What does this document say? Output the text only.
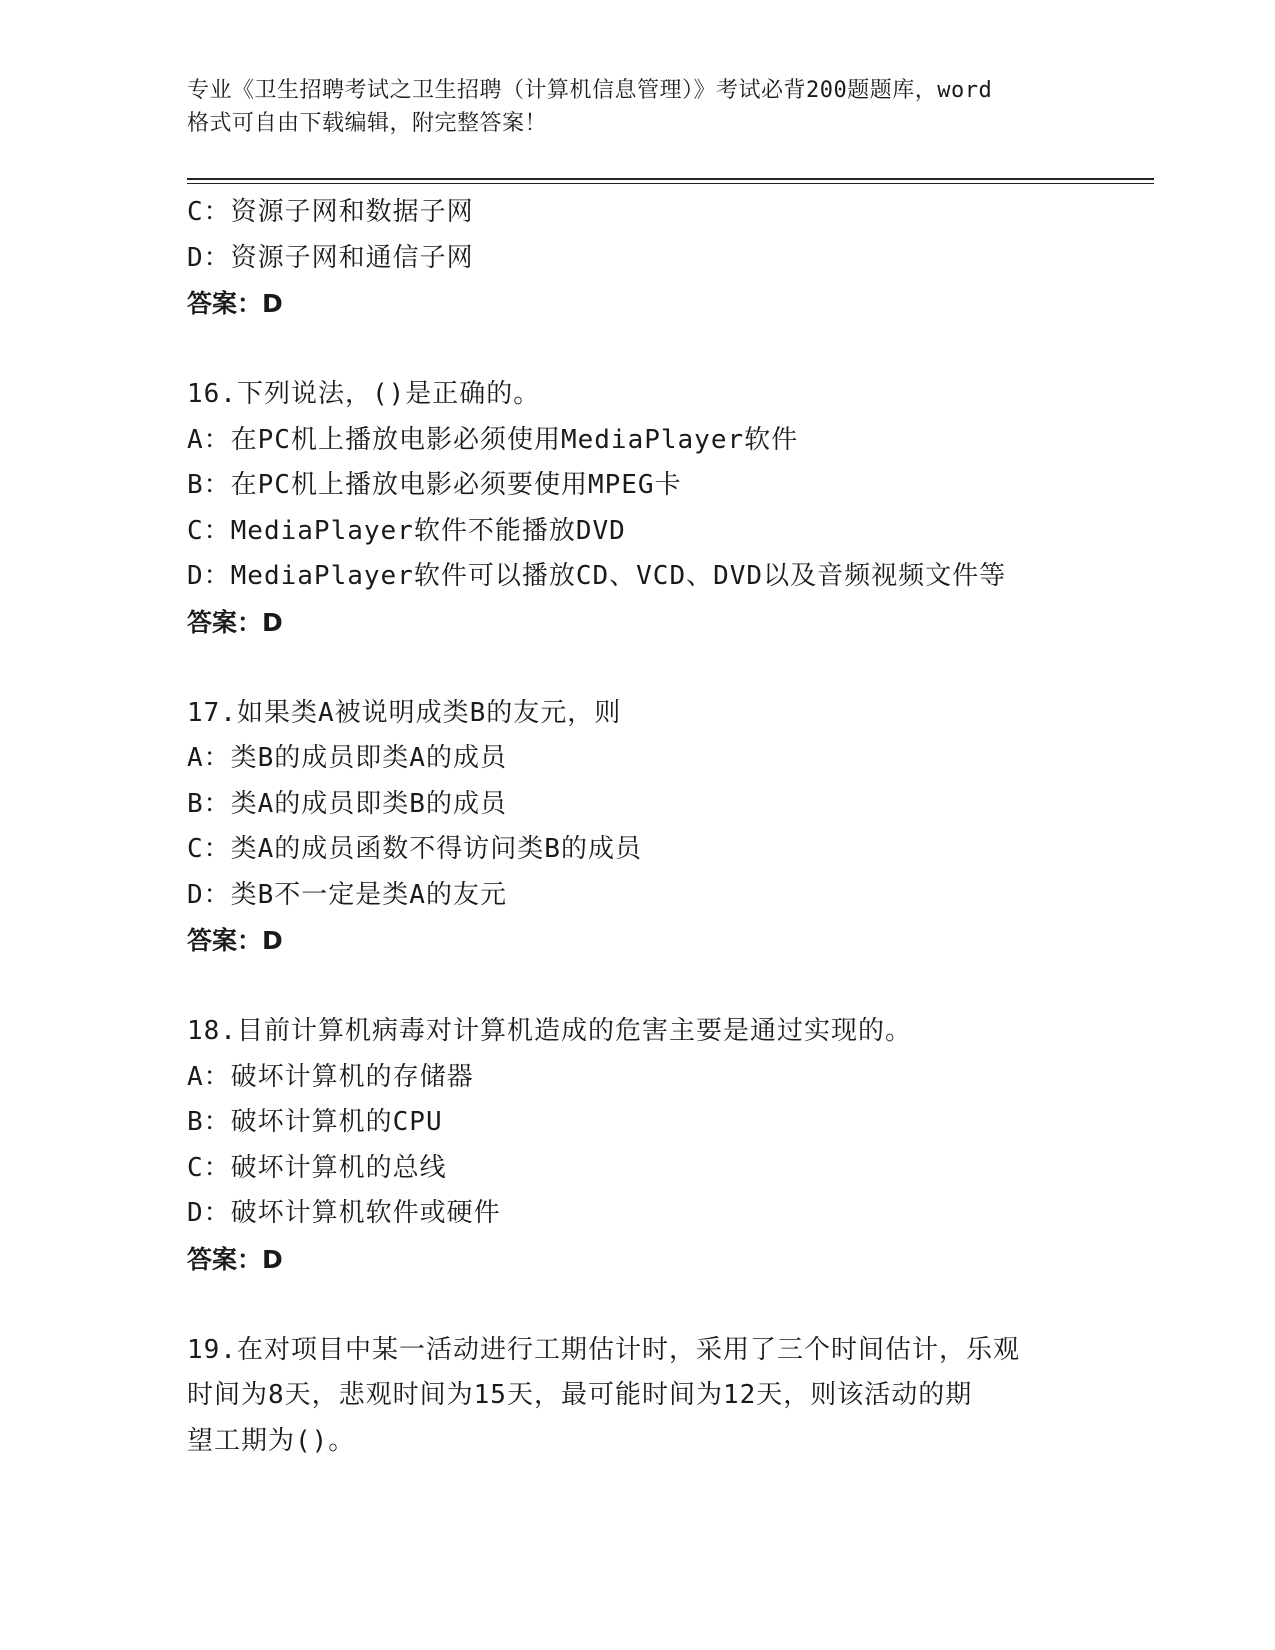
专业《卫生招聘考试之卫生招聘（计算机信息管理）》考试必背200题题库，word
格式可自由下载编辑，附完整答案！
C：资源子网和数据子网
D：资源子网和通信子网
答案：D
16.下列说法，()是正确的。
A：在PC机上播放电影必须使用MediaPlayer软件
B：在PC机上播放电影必须要使用MPEG卡
C：MediaPlayer软件不能播放DVD
D：MediaPlayer软件可以播放CD、VCD、DVD以及音频视频文件等
答案：D
17.如果类A被说明成类B的友元，则
A：类B的成员即类A的成员
B：类A的成员即类B的成员
C：类A的成员函数不得访问类B的成员
D：类B不一定是类A的友元
答案：D
18.目前计算机病毒对计算机造成的危害主要是通过实现的。
A：破坏计算机的存储器
B：破坏计算机的CPU
C：破坏计算机的总线
D：破坏计算机软件或硬件
答案：D
19.在对项目中某一活动进行工期估计时，采用了三个时间估计，乐观
时间为8天，悲观时间为15天，最可能时间为12天，则该活动的期
望工期为()。
